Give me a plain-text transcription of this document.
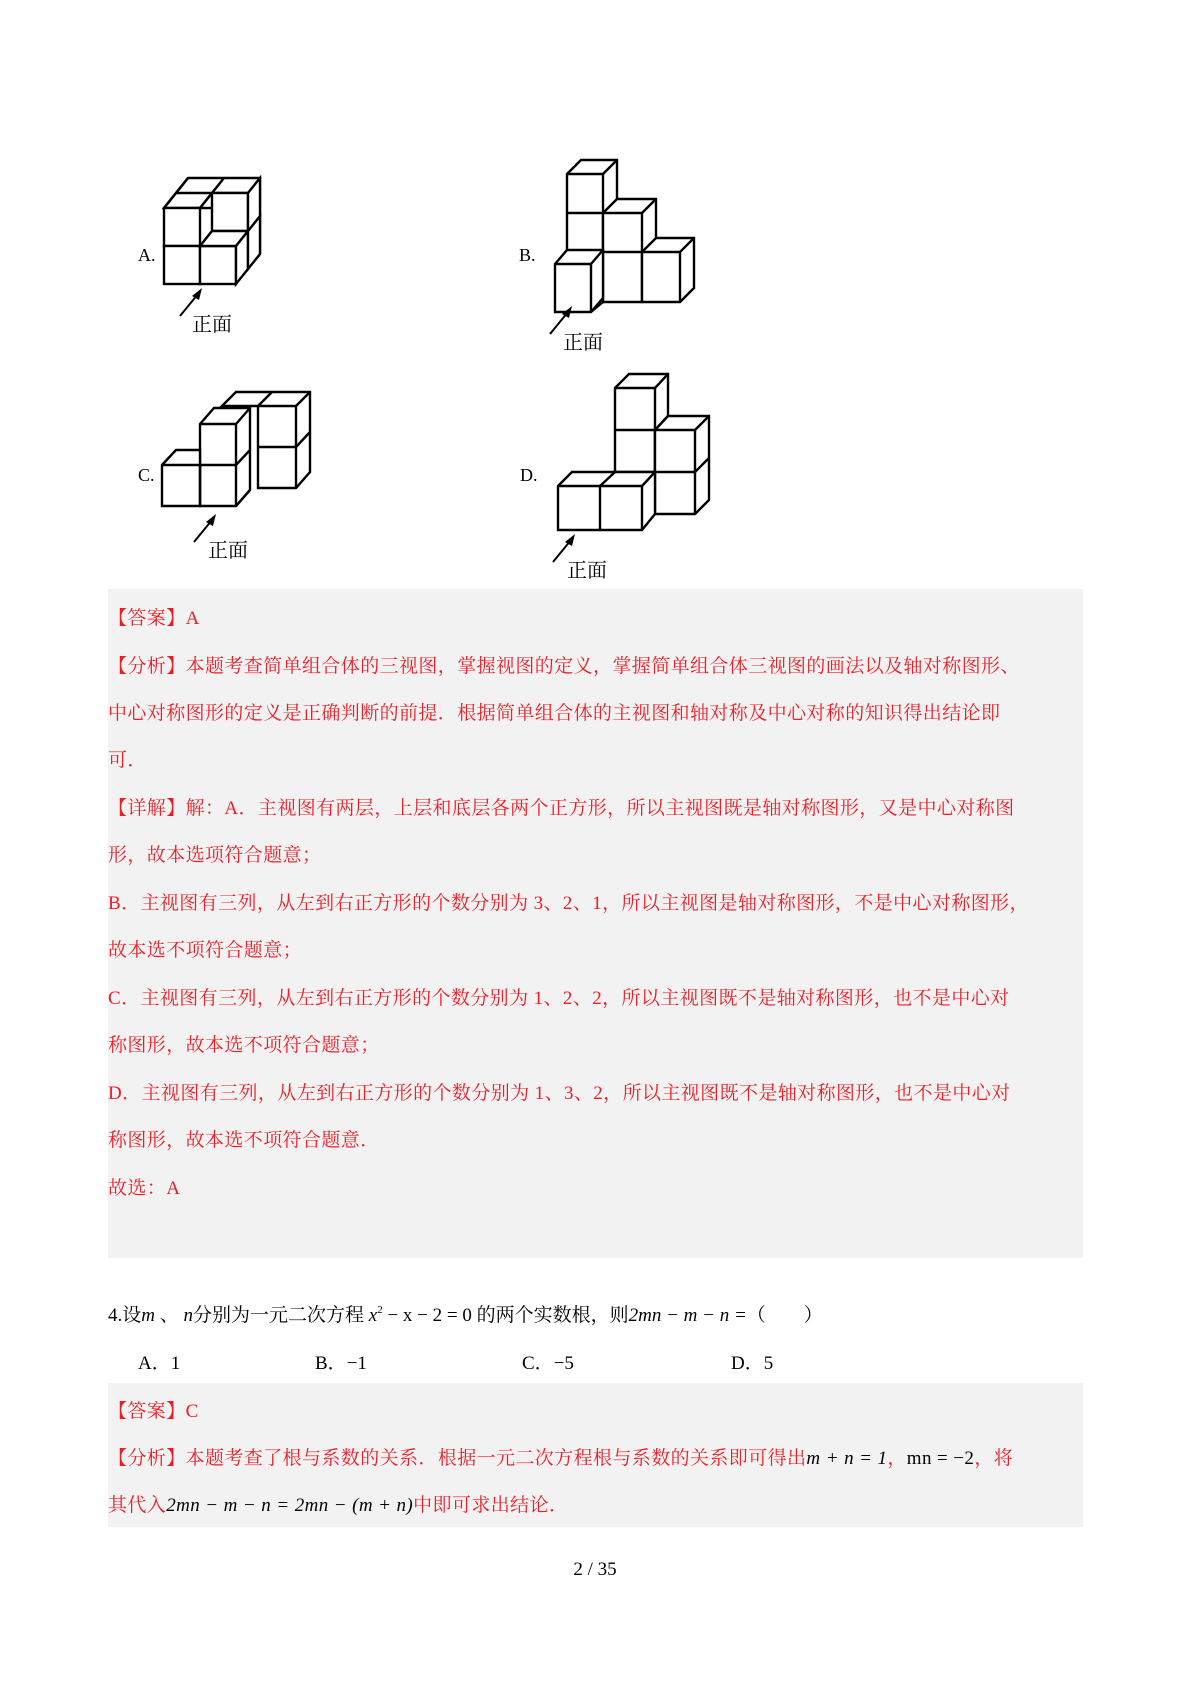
A.
正面
B.
正面
C.
正面
D.
正面
【答案】A
【分析】本题考查简单组合体的三视图，掌握视图的定义，掌握简单组合体三视图的画法以及轴对称图形、
中心对称图形的定义是正确判断的前提．根据简单组合体的主视图和轴对称及中心对称的知识得出结论即
可．
【详解】解：A．主视图有两层，上层和底层各两个正方形，所以主视图既是轴对称图形，又是中心对称图
形，故本选项符合题意；
B．主视图有三列，从左到右正方形的个数分别为 3、2、1，所以主视图是轴对称图形，不是中心对称图形，
故本选不项符合题意；
C．主视图有三列，从左到右正方形的个数分别为 1、2、2，所以主视图既不是轴对称图形，也不是中心对
称图形，故本选不项符合题意；
D．主视图有三列，从左到右正方形的个数分别为 1、3、2，所以主视图既不是轴对称图形，也不是中心对
称图形，故本选不项符合题意．
故选：A
4.设m 、 n分别为一元二次方程 $x^2 - x - 2 = 0$ 的两个实数根，则2mn − m − n =（　　）
A．1	B．−1	C．−5	D．5
【答案】C
【分析】本题考查了根与系数的关系．根据一元二次方程根与系数的关系即可得出m + n = 1，mn = −2，将
其代入2mn − m − n = 2mn − (m + n)中即可求出结论．
2 / 35
